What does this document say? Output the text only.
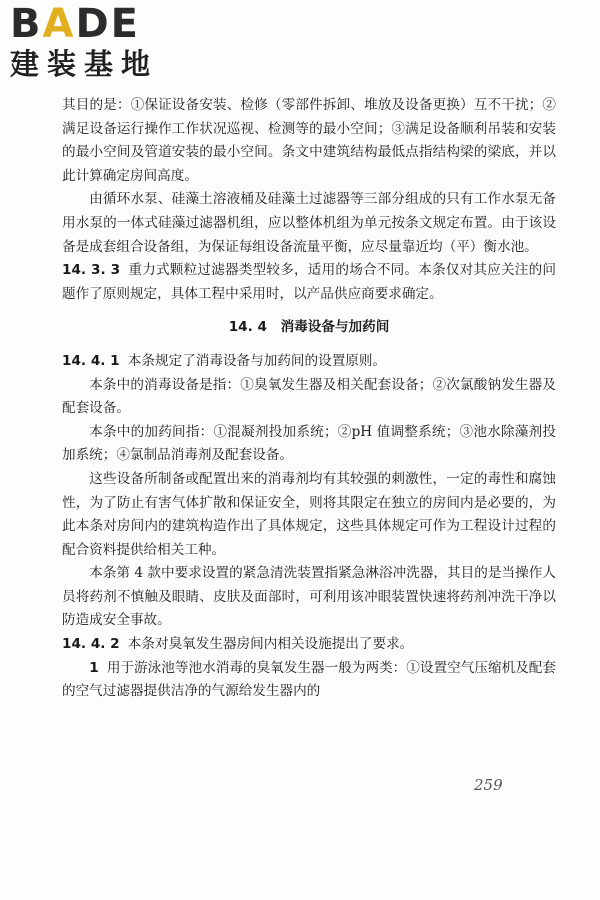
BADE
建装基地

其目的是：①保证设备安装、检修（零部件拆卸、堆放及设备更换）互不干扰；②满足设备运行操作工作状况巡视、检测等的最小空间；③满足设备顺利吊装和安装的最小空间及管道安装的最小空间。条文中建筑结构最低点指结构梁的梁底，并以此计算确定房间高度。

由循环水泵、硅藻土溶液桶及硅藻土过滤器等三部分组成的只有工作水泵无备用水泵的一体式硅藻过滤器机组，应以整体机组为单元按条文规定布置。由于该设备是成套组合设备组，为保证每组设备流量平衡，应尽量靠近均（平）衡水池。

14. 3. 3 重力式颗粒过滤器类型较多，适用的场合不同。本条仅对其应关注的问题作了原则规定，具体工程中采用时，以产品供应商要求确定。

14. 4 消毒设备与加药间

14. 4. 1 本条规定了消毒设备与加药间的设置原则。

本条中的消毒设备是指：①臭氧发生器及相关配套设备；②次氯酸钠发生器及配套设备。

本条中的加药间指：①混凝剂投加系统；②pH 值调整系统；③池水除藻剂投加系统；④氯制品消毒剂及配套设备。

这些设备所制备或配置出来的消毒剂均有其较强的刺激性，一定的毒性和腐蚀性，为了防止有害气体扩散和保证安全，则将其限定在独立的房间内是必要的，为此本条对房间内的建筑构造作出了具体规定，这些具体规定可作为工程设计过程的配合资料提供给相关工种。

本条第 4 款中要求设置的紧急清洗装置指紧急淋浴冲洗器，其目的是当操作人员将药剂不慎触及眼睛、皮肤及面部时，可利用该冲眼装置快速将药剂冲洗干净以防造成安全事故。

14. 4. 2 本条对臭氧发生器房间内相关设施提出了要求。

1 用于游泳池等池水消毒的臭氧发生器一般为两类：①设置空气压缩机及配套的空气过滤器提供洁净的气源给发生器内的

259
